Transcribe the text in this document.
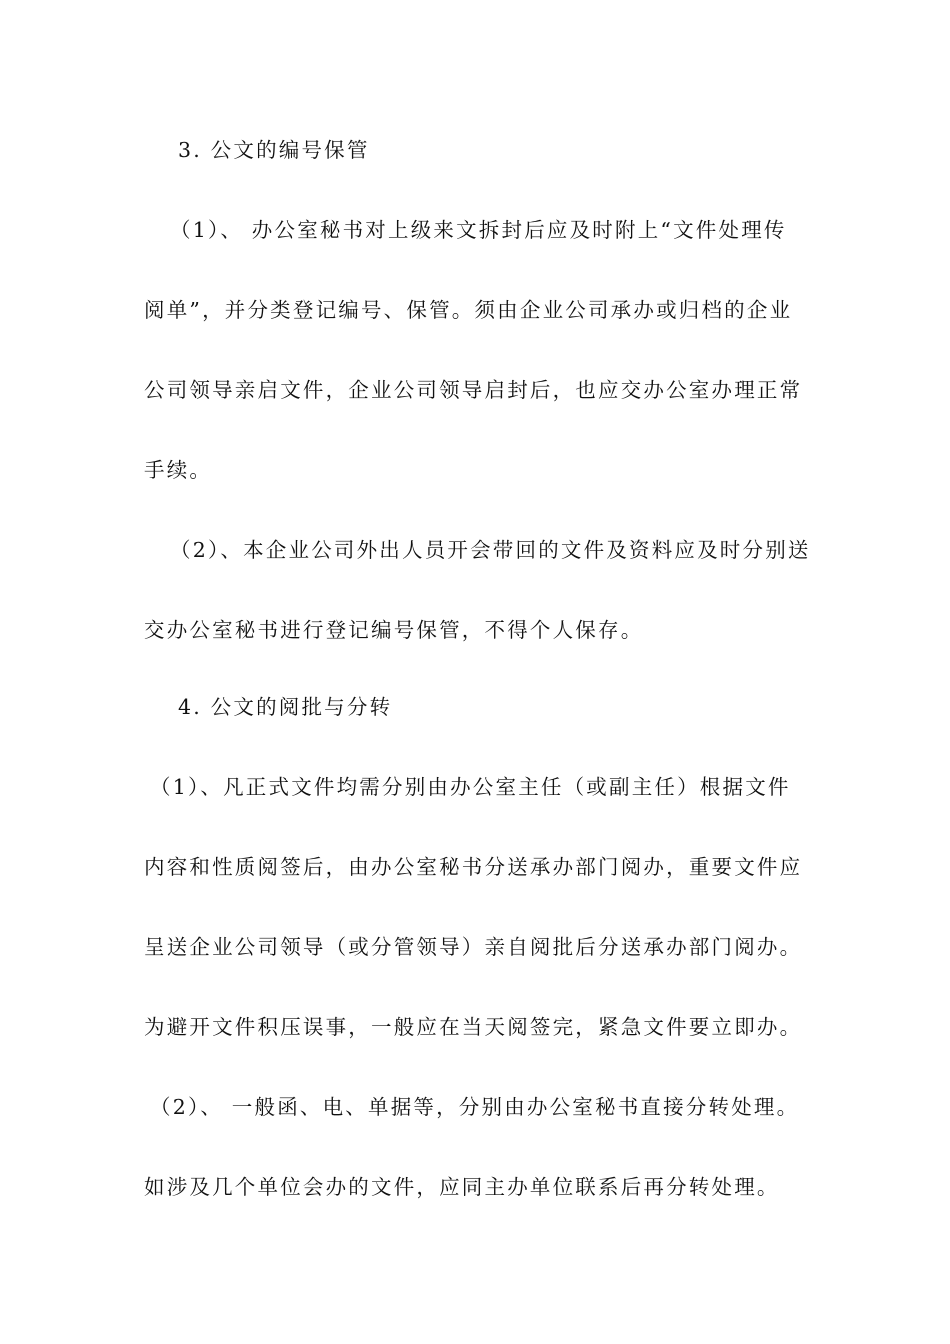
3. 公文的编号保管
（1）、 办公室秘书对上级来文拆封后应及时附上“文件处理传
阅单”，并分类登记编号、保管。须由企业公司承办或归档的企业
公司领导亲启文件，企业公司领导启封后，也应交办公室办理正常
手续。
（2）、本企业公司外出人员开会带回的文件及资料应及时分别送
交办公室秘书进行登记编号保管，不得个人保存。
4. 公文的阅批与分转
（1）、凡正式文件均需分别由办公室主任（或副主任）根据文件
内容和性质阅签后，由办公室秘书分送承办部门阅办，重要文件应
呈送企业公司领导（或分管领导）亲自阅批后分送承办部门阅办。
为避开文件积压误事，一般应在当天阅签完，紧急文件要立即办。
（2）、 一般函、电、单据等，分别由办公室秘书直接分转处理。
如涉及几个单位会办的文件，应同主办单位联系后再分转处理。
